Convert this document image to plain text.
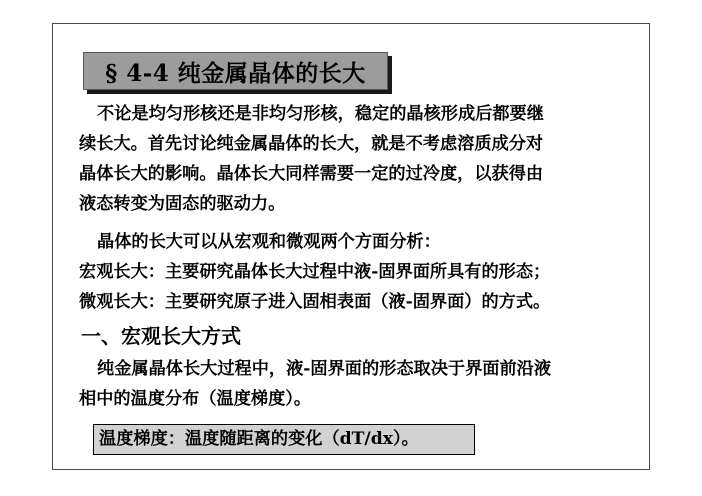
§ 4-4 纯金属晶体的长大
不论是均匀形核还是非均匀形核，稳定的晶核形成后都要继
续长大。首先讨论纯金属晶体的长大，就是不考虑溶质成分对
晶体长大的影响。晶体长大同样需要一定的过冷度，以获得由
液态转变为固态的驱动力。
晶体的长大可以从宏观和微观两个方面分析：
宏观长大：主要研究晶体长大过程中液-固界面所具有的形态；
微观长大：主要研究原子进入固相表面（液-固界面）的方式。
一、宏观长大方式
纯金属晶体长大过程中，液-固界面的形态取决于界面前沿液
相中的温度分布（温度梯度）。
温度梯度：温度随距离的变化（dT/dx）。
